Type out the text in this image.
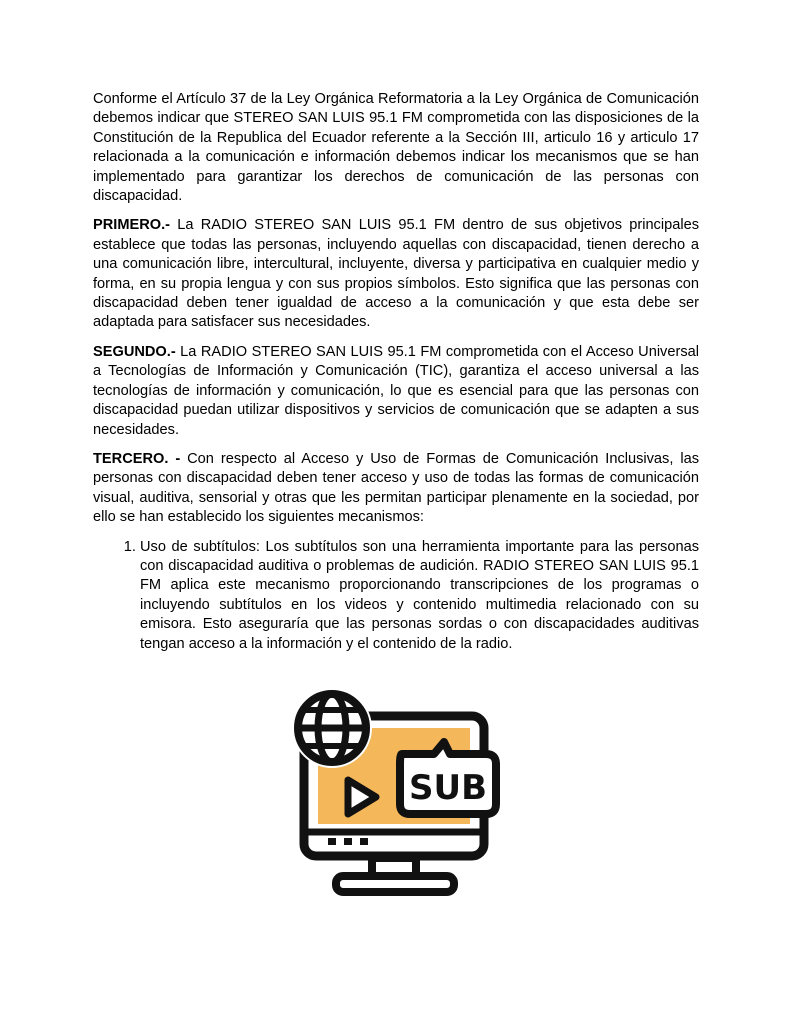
Conforme el Artículo 37 de la Ley Orgánica Reformatoria a la Ley Orgánica de Comunicación debemos indicar que STEREO SAN LUIS 95.1 FM comprometida con las disposiciones de la Constitución de la Republica del Ecuador referente a la Sección III, articulo 16 y articulo 17 relacionada a la comunicación e información debemos indicar los mecanismos que se han implementado para garantizar los derechos de comunicación de las personas con discapacidad.

PRIMERO.- La RADIO STEREO SAN LUIS 95.1 FM dentro de sus objetivos principales establece que todas las personas, incluyendo aquellas con discapacidad, tienen derecho a una comunicación libre, intercultural, incluyente, diversa y participativa en cualquier medio y forma, en su propia lengua y con sus propios símbolos. Esto significa que las personas con discapacidad deben tener igualdad de acceso a la comunicación y que esta debe ser adaptada para satisfacer sus necesidades.

SEGUNDO.- La RADIO STEREO SAN LUIS 95.1 FM comprometida con el Acceso Universal a Tecnologías de Información y Comunicación (TIC), garantiza el acceso universal a las tecnologías de información y comunicación, lo que es esencial para que las personas con discapacidad puedan utilizar dispositivos y servicios de comunicación que se adapten a sus necesidades.

TERCERO. - Con respecto al Acceso y Uso de Formas de Comunicación Inclusivas, las personas con discapacidad deben tener acceso y uso de todas las formas de comunicación visual, auditiva, sensorial y otras que les permitan participar plenamente en la sociedad, por ello se han establecido los siguientes mecanismos:

1. Uso de subtítulos: Los subtítulos son una herramienta importante para las personas con discapacidad auditiva o problemas de audición. RADIO STEREO SAN LUIS 95.1 FM aplica este mecanismo proporcionando transcripciones de los programas o incluyendo subtítulos en los videos y contenido multimedia relacionado con su emisora. Esto aseguraría que las personas sordas o con discapacidades auditivas tengan acceso a la información y el contenido de la radio.
SUB
